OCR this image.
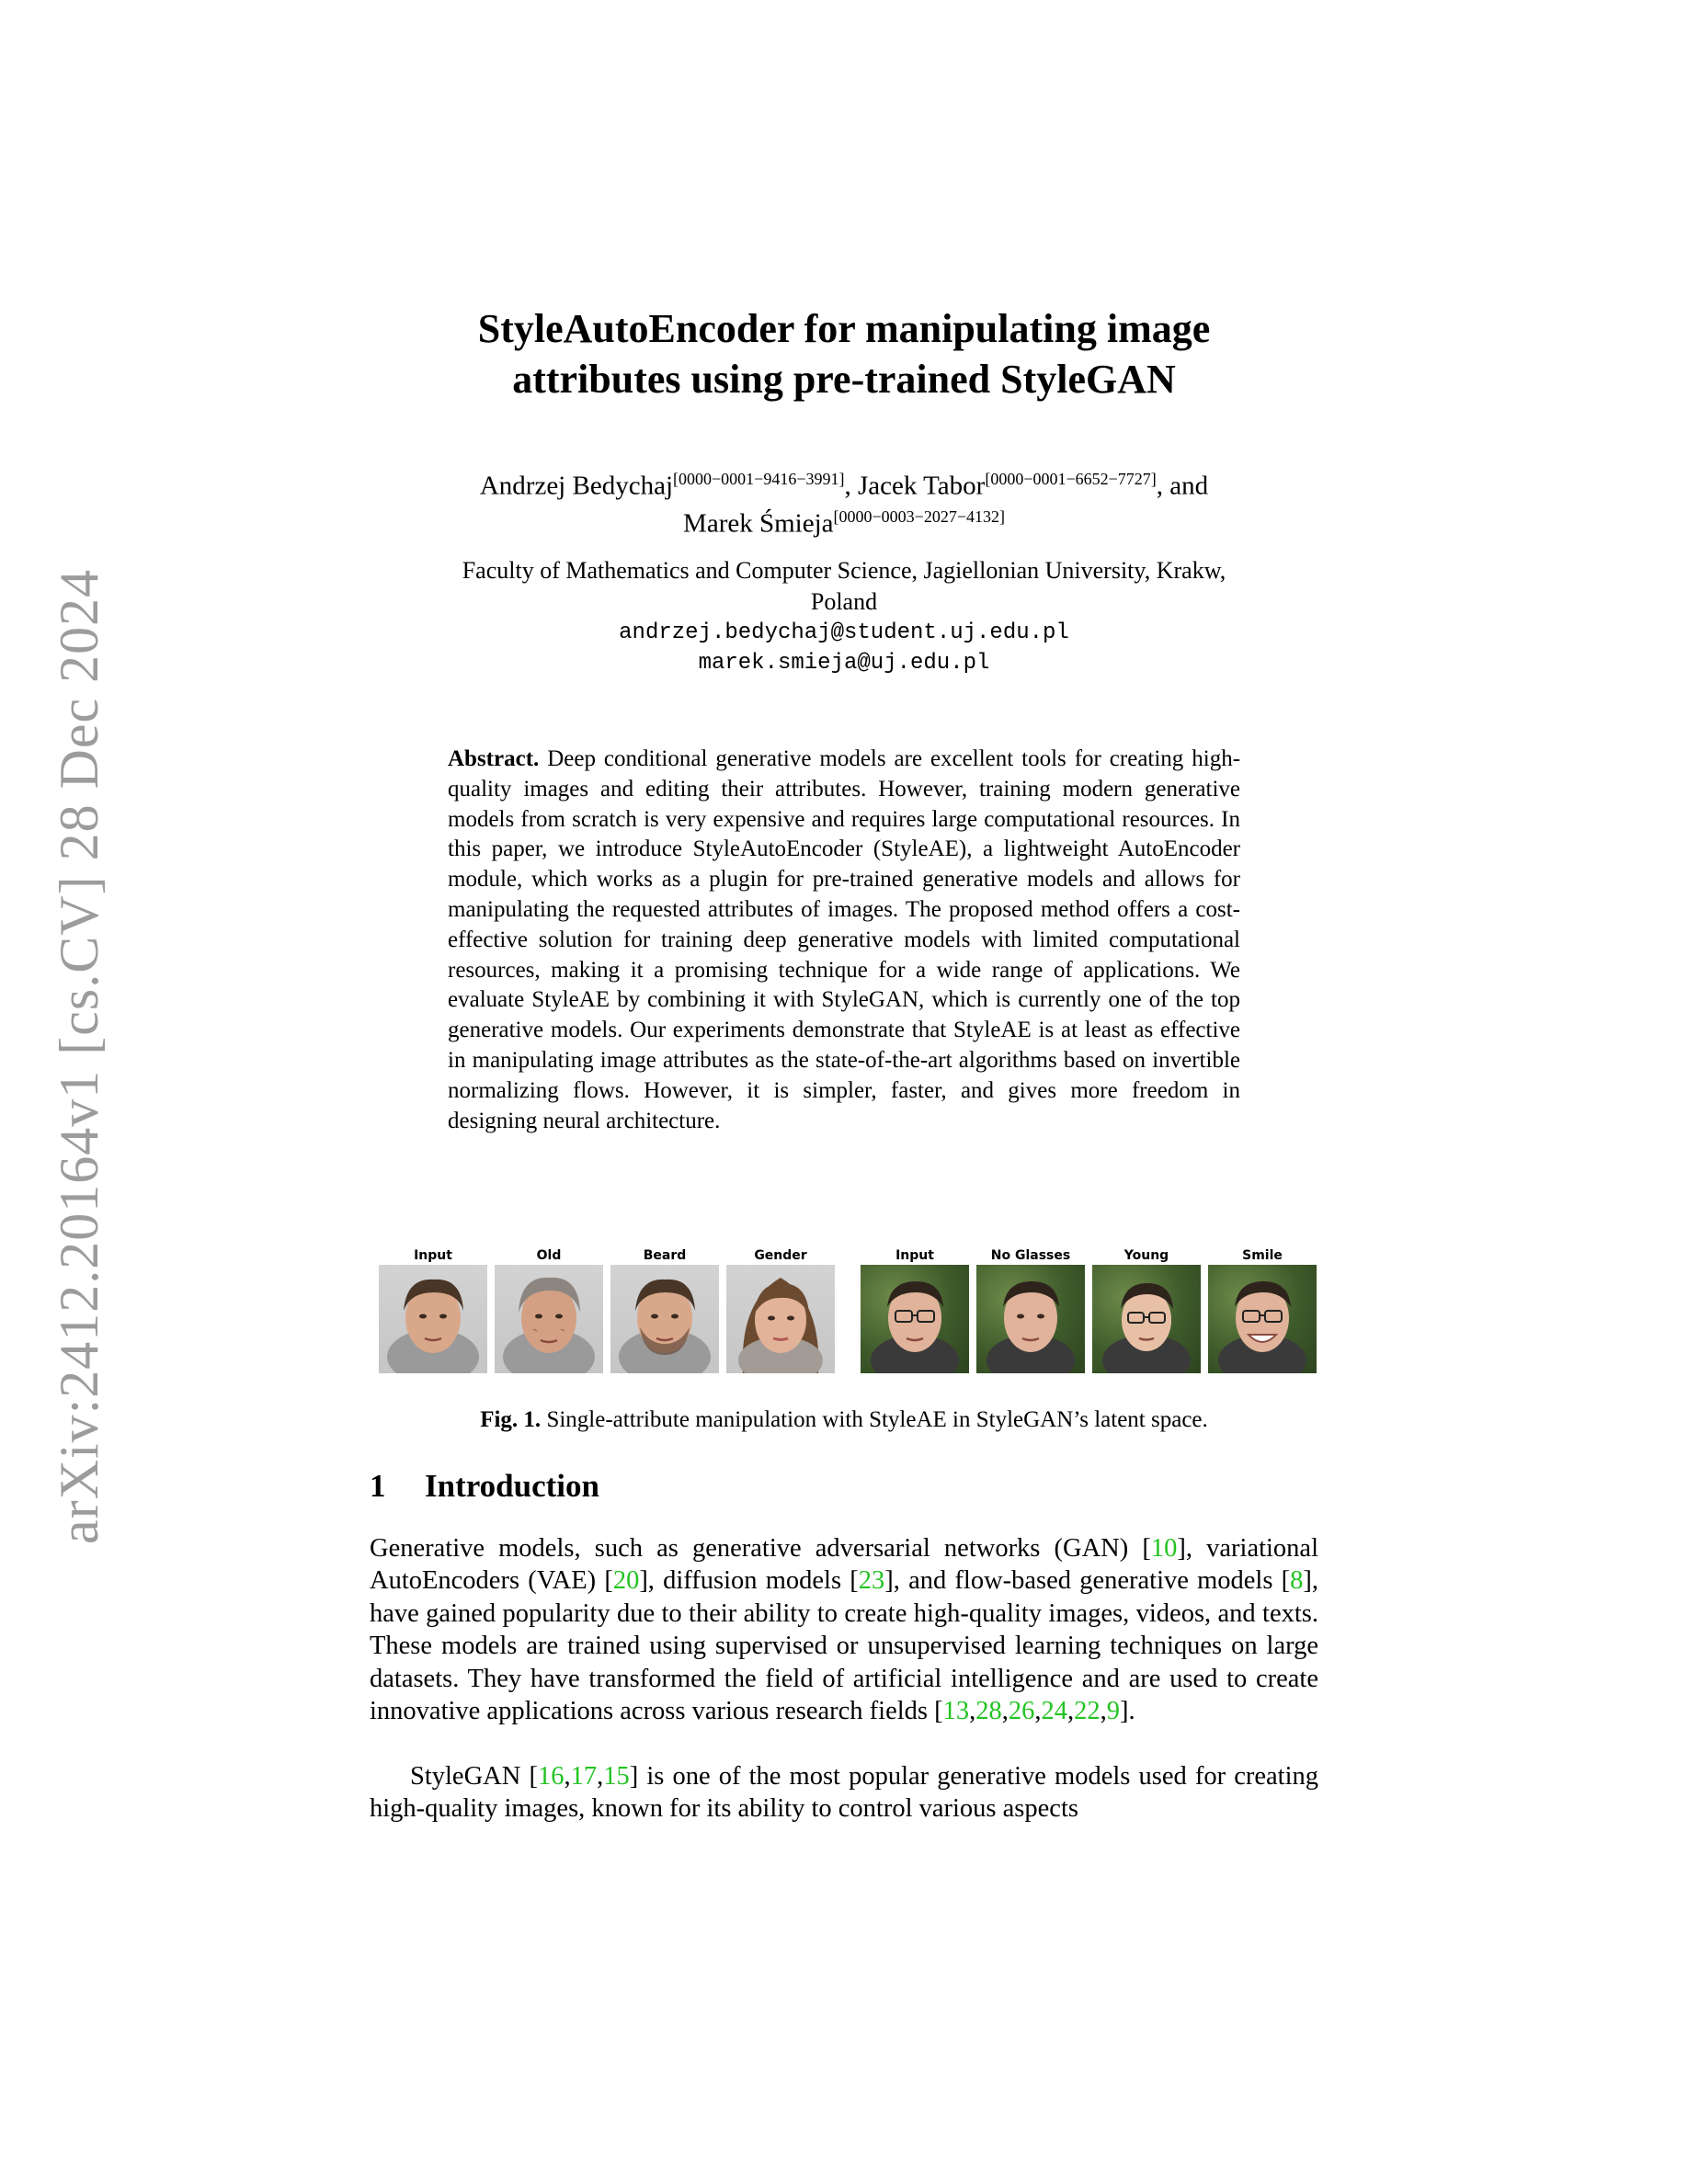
arXiv:2412.20164v1 [cs.CV] 28 Dec 2024
StyleAutoEncoder for manipulating image
attributes using pre-trained StyleGAN
Andrzej Bedychaj[0000−0001−9416−3991], Jacek Tabor[0000−0001−6652−7727], and
Marek Śmieja[0000−0003−2027−4132]
Faculty of Mathematics and Computer Science, Jagiellonian University, Krakw,
Poland
andrzej.bedychaj@student.uj.edu.pl
marek.smieja@uj.edu.pl
Abstract. Deep conditional generative models are excellent tools for creating high-quality images and editing their attributes. However, training modern generative models from scratch is very expensive and requires large computational resources. In this paper, we introduce StyleAutoEncoder (StyleAE), a lightweight AutoEncoder module, which works as a plugin for pre-trained generative models and allows for manipulating the requested attributes of images. The proposed method offers a cost-effective solution for training deep generative models with limited computational resources, making it a promising technique for a wide range of applications. We evaluate StyleAE by combining it with StyleGAN, which is currently one of the top generative models. Our experiments demonstrate that StyleAE is at least as effective in manipulating image attributes as the state-of-the-art algorithms based on invertible normalizing flows. However, it is simpler, faster, and gives more freedom in designing neural architecture.
Input	Old	Beard	Gender	Input	No Glasses	Young	Smile
Fig. 1. Single-attribute manipulation with StyleAE in StyleGAN’s latent space.
1 Introduction
Generative models, such as generative adversarial networks (GAN) [10], variational AutoEncoders (VAE) [20], diffusion models [23], and flow-based generative models [8], have gained popularity due to their ability to create high-quality images, videos, and texts. These models are trained using supervised or unsupervised learning techniques on large datasets. They have transformed the field of artificial intelligence and are used to create innovative applications across various research fields [13,28,26,24,22,9].
StyleGAN [16,17,15] is one of the most popular generative models used for creating high-quality images, known for its ability to control various aspects
